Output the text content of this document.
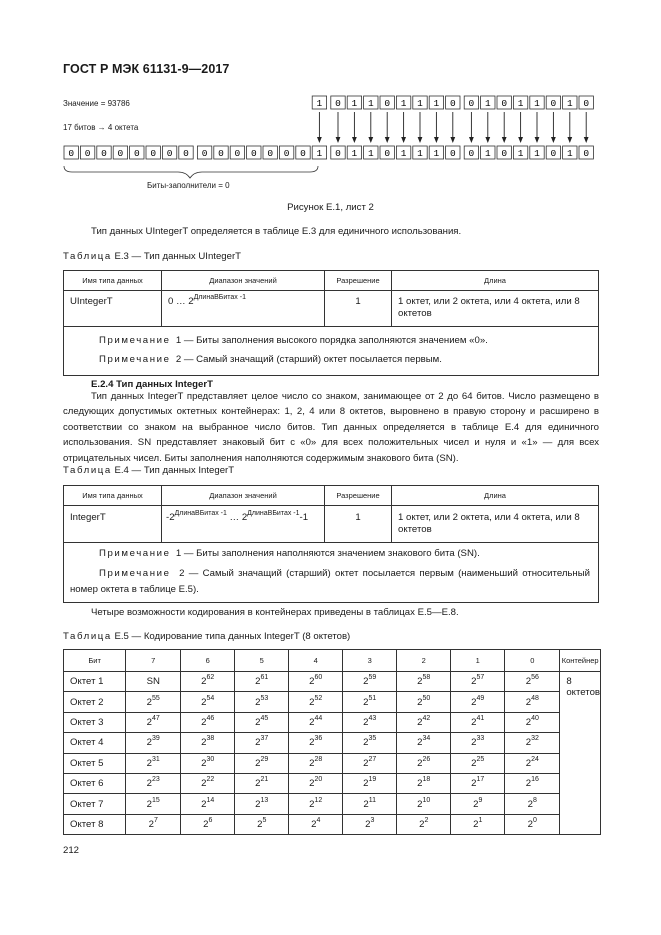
ГОСТ Р МЭК 61131-9—2017
Значение = 93786
17 битов → 4 октета
1 0 1 1 0 1 1 1 0 0 1 0 1 1 0 1 0
0 0 0 0 0 0 0 0 0 0 0 0 0 0 0 1 0 1 1 0 1 1 1 0 0 1 0 1 1 0 1 0
Биты-заполнители = 0
Рисунок Е.1, лист 2
Тип данных UIntegerT определяется в таблице Е.3 для единичного использования.
Таблица Е.3 — Тип данных UIntegerT
Имя типа данных	Диапазон значений	Разрешение	Длина
UIntegerT	0 … $2^{ДлинаВБитах -1}$	1	1 октет, или 2 октета, или 4 октета, или 8 октетов

Примечание 1 — Биты заполнения высокого порядка заполняются значением «0».
Примечание 2 — Самый значащий (старший) октет посылается первым.			
Е.2.4 Тип данных IntegerT
Тип данных IntegerT представляет целое число со знаком, занимающее от 2 до 64 битов. Число размещено в следующих допустимых октетных контейнерах: 1, 2, 4 или 8 октетов, выровнено в правую сторону и расширено в соответствии со знаком на выбранное число битов. Тип данных определяется в таблице Е.4 для единичного использования. SN представляет знаковый бит с «0» для всех положительных чисел и нуля и «1» — для всех отрицательных чисел. Биты заполнения наполняются содержимым знакового бита (SN).
Таблица Е.4 — Тип данных IntegerT
Имя типа данных	Диапазон значений	Разрешение	Длина
IntegerT	$-2^{ДлинаВБитах -1}$ … $2^{ДлинаВБитах -1}-1$	1	1 октет, или 2 октета, или 4 октета, или 8 октетов

Примечание 1 — Биты заполнения наполняются значением знакового бита (SN).
Примечание 2 — Самый значащий (старший) октет посылается первым (наименьший относительный номер октета в таблице Е.5).			
Четыре возможности кодирования в контейнерах приведены в таблицах Е.5—Е.8.
Таблица Е.5 — Кодирование типа данных IntegerT (8 октетов)
Бит	7	6	5	4	3	2	1	0	Контейнер
Октет 1	SN	$2^{62}$	$2^{61}$	$2^{60}$	$2^{59}$	$2^{58}$	$2^{57}$	$2^{56}$	8 октетов
Октет 2	$2^{55}$	$2^{54}$	$2^{53}$	$2^{52}$	$2^{51}$	$2^{50}$	$2^{49}$	$2^{48}$
Октет 3	$2^{47}$	$2^{46}$	$2^{45}$	$2^{44}$	$2^{43}$	$2^{42}$	$2^{41}$	$2^{40}$
Октет 4	$2^{39}$	$2^{38}$	$2^{37}$	$2^{36}$	$2^{35}$	$2^{34}$	$2^{33}$	$2^{32}$
Октет 5	$2^{31}$	$2^{30}$	$2^{29}$	$2^{28}$	$2^{27}$	$2^{26}$	$2^{25}$	$2^{24}$
Октет 6	$2^{23}$	$2^{22}$	$2^{21}$	$2^{20}$	$2^{19}$	$2^{18}$	$2^{17}$	$2^{16}$
Октет 7	$2^{15}$	$2^{14}$	$2^{13}$	$2^{12}$	$2^{11}$	$2^{10}$	$2^9$	$2^8$
Октет 8	$2^7$	$2^6$	$2^5$	$2^4$	$2^3$	$2^2$	$2^1$	$2^0$
212
